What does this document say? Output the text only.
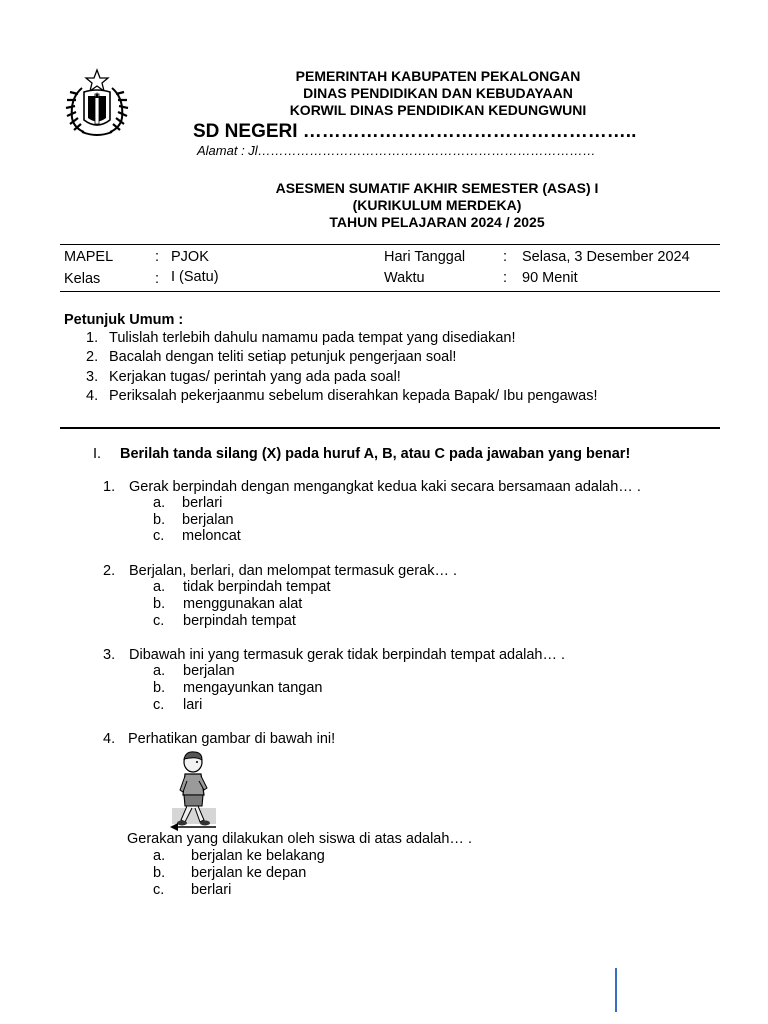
PEMERINTAH KABUPATEN PEKALONGAN
DINAS PENDIDIKAN DAN KEBUDAYAAN
KORWIL DINAS PENDIDIKAN KEDUNGWUNI
SD NEGERI ……………………………………………..
Alamat : Jl……………………………………………………………………
ASESMEN SUMATIF AKHIR SEMESTER (ASAS) I
(KURIKULUM MERDEKA)
TAHUN PELAJARAN 2024 / 2025
MAPEL	: PJOK
Kelas	: I (Satu)
Hari Tanggal	: Selasa, 3 Desember 2024
Waktu	: 90 Menit
Petunjuk Umum :
1. Tulislah terlebih dahulu namamu pada tempat yang disediakan!
2. Bacalah dengan teliti setiap petunjuk pengerjaan soal!
3. Kerjakan tugas/ perintah yang ada pada soal!
4. Periksalah pekerjaanmu sebelum diserahkan kepada Bapak/ Ibu pengawas!
I. Berilah tanda silang (X) pada huruf A, B, atau C pada jawaban yang benar!
1. Gerak berpindah dengan mengangkat kedua kaki secara bersamaan adalah… .
a. berlari
b. berjalan
c. meloncat
2. Berjalan, berlari, dan melompat termasuk gerak… .
a. tidak berpindah tempat
b. menggunakan alat
c. berpindah tempat
3. Dibawah ini yang termasuk gerak tidak berpindah tempat adalah… .
a. berjalan
b. mengayunkan tangan
c. lari
4. Perhatikan gambar di bawah ini!
Gerakan yang dilakukan oleh siswa di atas adalah… .
a. berjalan ke belakang
b. berjalan ke depan
c. berlari
